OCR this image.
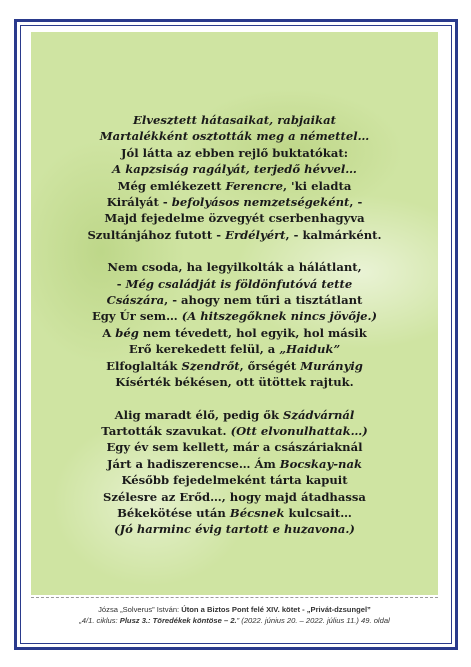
Elvesztett hátasaikat, rabjaikat
Martalékként osztották meg a némettel…
Jól látta az ebben rejlő buktatókat:
A kapzsiság ragályát, terjedő hévvel…
Még emlékezett Ferencre, 'ki eladta
Királyát - befolyásos nemzetségeként, -
Majd fejedelme özvegyét cserbenhagyva
Szultánjához futott - Erdélyért, - kalmárként.
Nem csoda, ha legyilkolták a hálátlant,
- Még családját is földönfutóvá tette
Császára, - ahogy nem tűri a tisztátlant
Egy Úr sem… (A hitszegőknek nincs jövője.)
A bég nem tévedett, hol egyik, hol másik
Erő kerekedett felül, a „Haiduk”
Elfoglalták Szendrőt, őrségét Murányig
Kísérték békésen, ott ütöttek rajtuk.
Alig maradt élő, pedig ők Szádvárnál
Tartották szavukat. (Ott elvonulhattak…)
Egy év sem kellett, már a császáriaknál
Járt a hadiszerencse… Ám Bocskay-nak
Később fejedelmeként tárta kapuit
Szélesre az Erőd…, hogy majd átadhassa
Békekötése után Bécsnek kulcsait…
(Jó harminc évig tartott e huzavona.)
Józsa „Solverus” István: Úton a Biztos Pont felé XIV. kötet - „Privát-dzsungel”
„4/1. ciklus: Plusz 3.: Töredékek köntöse – 2.” (2022. június 20. – 2022. július 11.) 49. oldal
